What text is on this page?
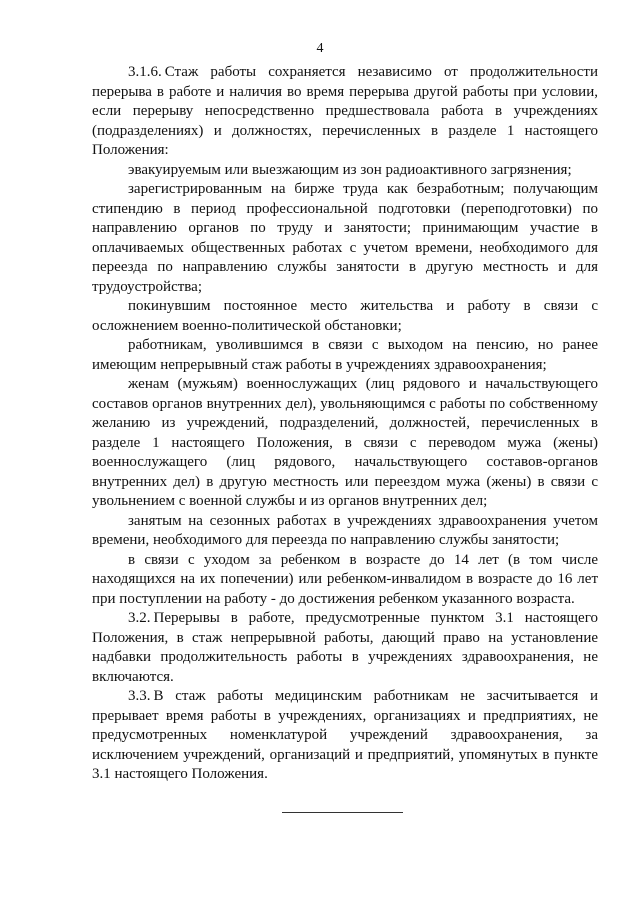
4

3.1.6. Стаж работы сохраняется независимо от продолжительности перерыва в работе и наличия во время перерыва другой работы при условии, если перерыву непосредственно предшествовала работа в учреждениях (подразделениях) и должностях, перечисленных в разделе 1 настоящего Положения:

эвакуируемым или выезжающим из зон радиоактивного загрязнения;

зарегистрированным на бирже труда как безработным; получающим стипендию в период профессиональной подготовки (переподготовки) по направлению органов по труду и занятости; принимающим участие в оплачиваемых общественных работах с учетом времени, необходимого для переезда по направлению службы занятости в другую местность и для трудоустройства;

покинувшим постоянное место жительства и работу в связи с осложнением военно-политической обстановки;

работникам, уволившимся в связи с выходом на пенсию, но ранее имеющим непрерывный стаж работы в учреждениях здравоохранения;

женам (мужьям) военнослужащих (лиц рядового и начальствующего составов органов внутренних дел), увольняющимся с работы по собственному желанию из учреждений, подразделений, должностей, перечисленных в разделе 1 настоящего Положения, в связи с переводом мужа (жены) военнослужащего (лиц рядового, начальствующего составов-органов внутренних дел) в другую местность или переездом мужа (жены) в связи с увольнением с военной службы и из органов внутренних дел;

занятым на сезонных работах в учреждениях здравоохранения учетом времени, необходимого для переезда по направлению службы занятости;

в связи с уходом за ребенком в возрасте до 14 лет (в том числе находящихся на их попечении) или ребенком-инвалидом в возрасте до 16 лет при поступлении на работу - до достижения ребенком указанного возраста.

3.2. Перерывы в работе, предусмотренные пунктом 3.1 настоящего Положения, в стаж непрерывной работы, дающий право на установление надбавки продолжительность работы в учреждениях здравоохранения, не включаются.

3.3. В стаж работы медицинским работникам не засчитывается и прерывает время работы в учреждениях, организациях и предприятиях, не предусмотренных номенклатурой учреждений здравоохранения, за исключением учреждений, организаций и предприятий, упомянутых в пункте 3.1 настоящего Положения.
